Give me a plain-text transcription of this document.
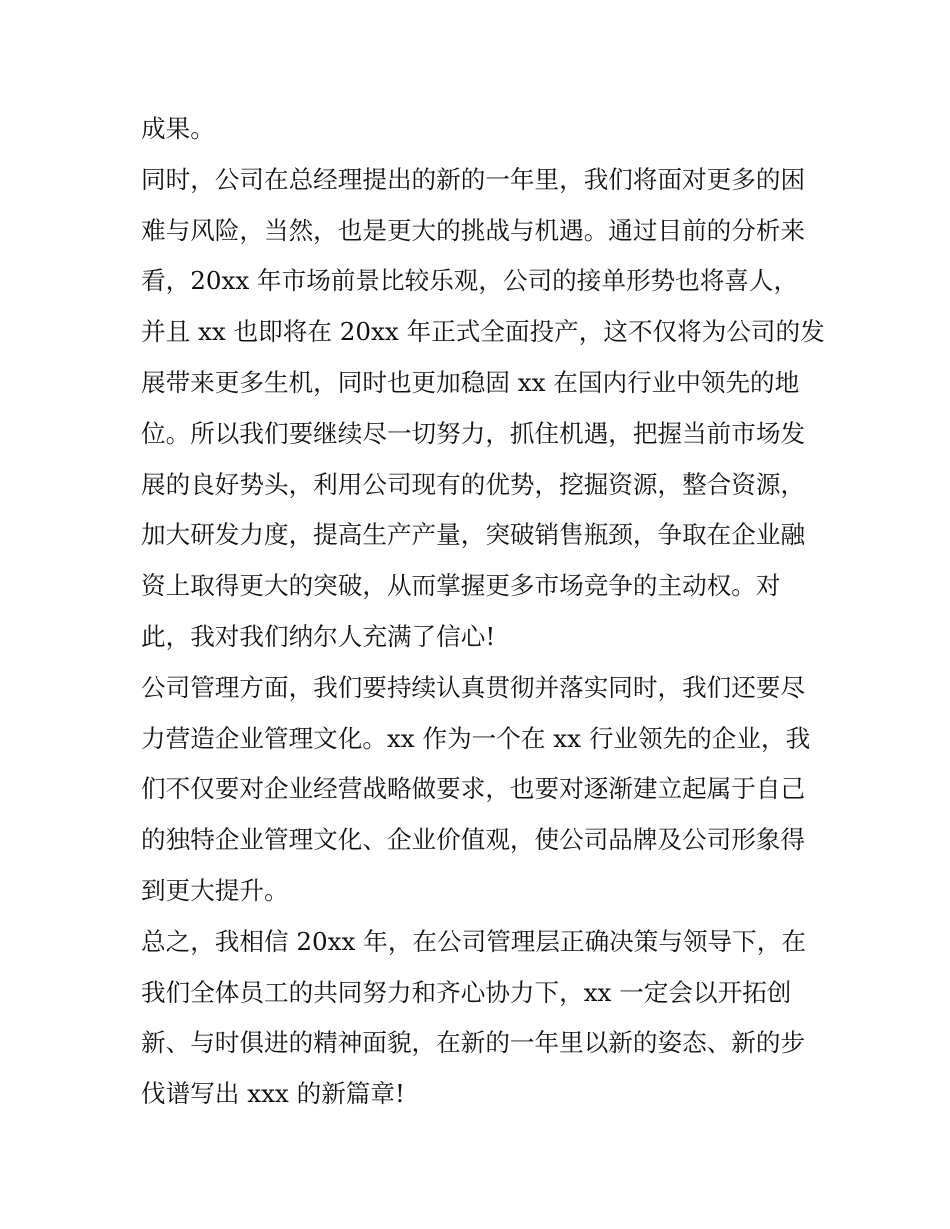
成果。
同时，公司在总经理提出的新的一年里，我们将面对更多的困
难与风险，当然，也是更大的挑战与机遇。通过目前的分析来
看，20xx 年市场前景比较乐观，公司的接单形势也将喜人，
并且 xx 也即将在 20xx 年正式全面投产，这不仅将为公司的发
展带来更多生机，同时也更加稳固 xx 在国内行业中领先的地
位。所以我们要继续尽一切努力，抓住机遇，把握当前市场发
展的良好势头，利用公司现有的优势，挖掘资源，整合资源，
加大研发力度，提高生产产量，突破销售瓶颈，争取在企业融
资上取得更大的突破，从而掌握更多市场竞争的主动权。对
此，我对我们纳尔人充满了信心!
公司管理方面，我们要持续认真贯彻并落实同时，我们还要尽
力营造企业管理文化。xx 作为一个在 xx 行业领先的企业，我
们不仅要对企业经营战略做要求，也要对逐渐建立起属于自己
的独特企业管理文化、企业价值观，使公司品牌及公司形象得
到更大提升。
总之，我相信 20xx 年，在公司管理层正确决策与领导下，在
我们全体员工的共同努力和齐心协力下，xx 一定会以开拓创
新、与时俱进的精神面貌，在新的一年里以新的姿态、新的步
伐谱写出 xxx 的新篇章!
